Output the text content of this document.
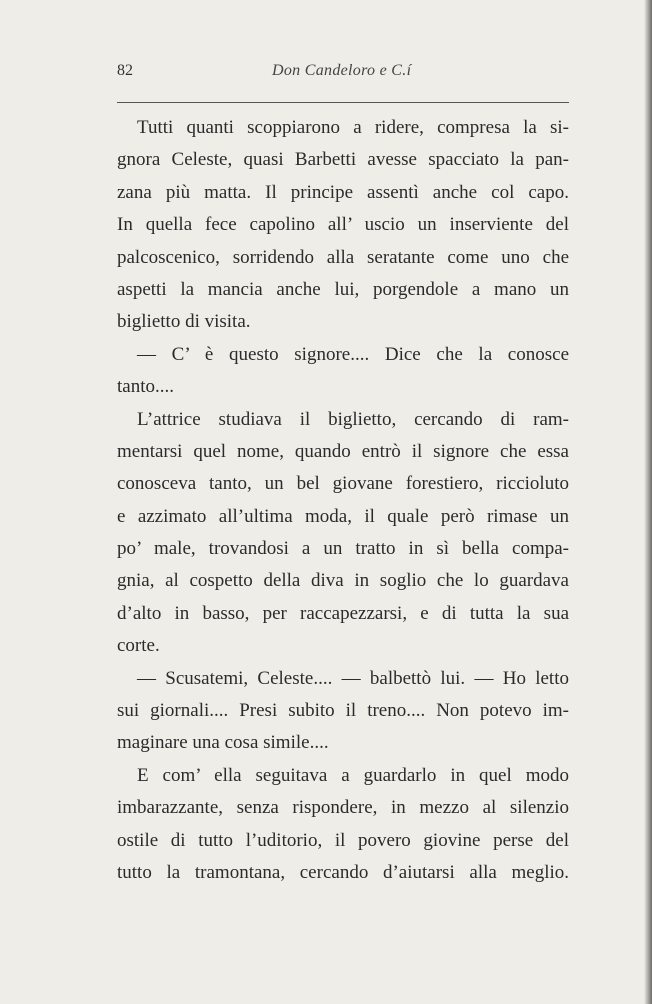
82	Don Candeloro e C.í
Tutti quanti scoppiarono a ridere, compresa la si-
gnora Celeste, quasi Barbetti avesse spacciato la pan-
zana più matta. Il principe assentì anche col capo.
In quella fece capolino all’ uscio un inserviente del
palcoscenico, sorridendo alla seratante come uno che
aspetti la mancia anche lui, porgendole a mano un
biglietto di visita.
— C’ è questo signore.... Dice che la conosce
tanto....
L’attrice studiava il biglietto, cercando di ram-
mentarsi quel nome, quando entrò il signore che essa
conosceva tanto, un bel giovane forestiero, riccioluto
e azzimato all’ultima moda, il quale però rimase un
po’ male, trovandosi a un tratto in sì bella compa-
gnia, al cospetto della diva in soglio che lo guardava
d’alto in basso, per raccapezzarsi, e di tutta la sua
corte.
— Scusatemi, Celeste.... — balbettò lui. — Ho letto
sui giornali.... Presi subito il treno.... Non potevo im-
maginare una cosa simile....
E com’ ella seguitava a guardarlo in quel modo
imbarazzante, senza rispondere, in mezzo al silenzio
ostile di tutto l’uditorio, il povero giovine perse del
tutto la tramontana, cercando d’aiutarsi alla meglio.
